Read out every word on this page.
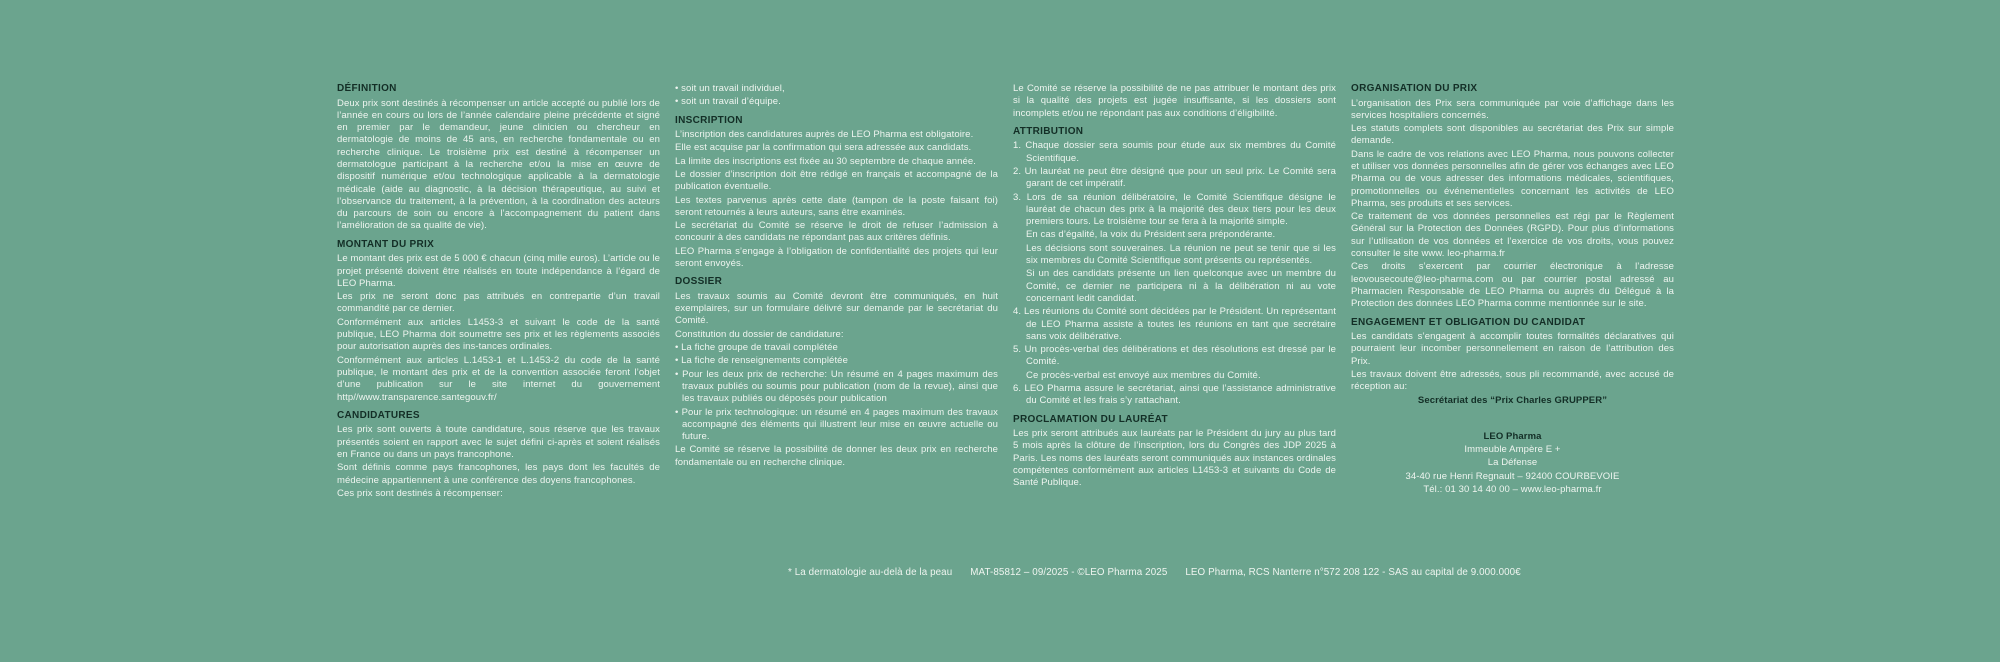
DÉFINITION

Deux prix sont destinés à récompenser un article accepté ou publié lors de l’année en cours ou lors de l’année calendaire pleine précédente et signé en premier par le demandeur, jeune clinicien ou chercheur en dermatologie de moins de 45 ans, en recherche fondamentale ou en recherche clinique. Le troisième prix est destiné à récompenser un dermatologue participant à la recherche et/ou la mise en œuvre de dispositif numérique et/ou technologique applicable à la dermatologie médicale (aide au diagnostic, à la décision thérapeutique, au suivi et l’observance du traitement, à la prévention, à la coordination des acteurs du parcours de soin ou encore à l’accompagnement du patient dans l’amélioration de sa qualité de vie).

MONTANT DU PRIX

Le montant des prix est de 5 000 € chacun (cinq mille euros). L’article ou le projet présenté doivent être réalisés en toute indépendance à l’égard de LEO Pharma.

Les prix ne seront donc pas attribués en contrepartie d’un travail commandité par ce dernier.

Conformément aux articles L1453-3 et suivant le code de la santé publique, LEO Pharma doit soumettre ses prix et les règlements associés pour autorisation auprès des ins-tances ordinales.

Conformément aux articles L.1453-1 et L.1453-2 du code de la santé publique, le montant des prix et de la convention associée feront l’objet d’une publication sur le site internet du gouvernement http//www.transparence.santegouv.fr/

CANDIDATURES

Les prix sont ouverts à toute candidature, sous réserve que les travaux présentés soient en rapport avec le sujet défini ci-après et soient réalisés en France ou dans un pays francophone.

Sont définis comme pays francophones, les pays dont les facultés de médecine appartiennent à une conférence des doyens francophones.

Ces prix sont destinés à récompenser:

• soit un travail individuel,

• soit un travail d’équipe.

INSCRIPTION

L’inscription des candidatures auprès de LEO Pharma est obligatoire.

Elle est acquise par la confirmation qui sera adressée aux candidats.

La limite des inscriptions est fixée au 30 septembre de chaque année.

Le dossier d’inscription doit être rédigé en français et accompagné de la publication éventuelle.

Les textes parvenus après cette date (tampon de la poste faisant foi) seront retournés à leurs auteurs, sans être examinés.

Le secrétariat du Comité se réserve le droit de refuser l’admission à concourir à des candidats ne répondant pas aux critères définis.

LEO Pharma s’engage à l’obligation de confidentialité des projets qui leur seront envoyés.

DOSSIER

Les travaux soumis au Comité devront être communiqués, en huit exemplaires, sur un formulaire délivré sur demande par le secrétariat du Comité.

Constitution du dossier de candidature:

• La fiche groupe de travail complétée

• La fiche de renseignements complétée

• Pour les deux prix de recherche: Un résumé en 4 pages maximum des travaux publiés ou soumis pour publication (nom de la revue), ainsi que les travaux publiés ou déposés pour publication

• Pour le prix technologique: un résumé en 4 pages maximum des travaux accompagné des éléments qui illustrent leur mise en œuvre actuelle ou future.

Le Comité se réserve la possibilité de donner les deux prix en recherche fondamentale ou en recherche clinique.

Le Comité se réserve la possibilité de ne pas attribuer le montant des prix si la qualité des projets est jugée insuffisante, si les dossiers sont incomplets et/ou ne répondant pas aux conditions d’éligibilité.

ATTRIBUTION

1. Chaque dossier sera soumis pour étude aux six membres du Comité Scientifique.

2. Un lauréat ne peut être désigné que pour un seul prix. Le Comité sera garant de cet impératif.

3. Lors de sa réunion délibératoire, le Comité Scientifique désigne le lauréat de chacun des prix à la majorité des deux tiers pour les deux premiers tours. Le troisième tour se fera à la majorité simple.

En cas d’égalité, la voix du Président sera prépondérante.

Les décisions sont souveraines. La réunion ne peut se tenir que si les six membres du Comité Scientifique sont présents ou représentés.

Si un des candidats présente un lien quelconque avec un membre du Comité, ce dernier ne participera ni à la délibération ni au vote concernant ledit candidat.

4. Les réunions du Comité sont décidées par le Président. Un représentant de LEO Pharma assiste à toutes les réunions en tant que secrétaire sans voix délibérative.

5. Un procès-verbal des délibérations et des résolutions est dressé par le Comité.

Ce procès-verbal est envoyé aux membres du Comité.

6. LEO Pharma assure le secrétariat, ainsi que l’assistance administrative du Comité et les frais s’y rattachant.

PROCLAMATION DU LAURÉAT

Les prix seront attribués aux lauréats par le Président du jury au plus tard 5 mois après la clôture de l’inscription, lors du Congrès des JDP 2025 à Paris. Les noms des lauréats seront communiqués aux instances ordinales compétentes conformément aux articles L1453-3 et suivants du Code de Santé Publique.

ORGANISATION DU PRIX

L’organisation des Prix sera communiquée par voie d’affichage dans les services hospitaliers concernés.

Les statuts complets sont disponibles au secrétariat des Prix sur simple demande.

Dans le cadre de vos relations avec LEO Pharma, nous pouvons collecter et utiliser vos données personnelles afin de gérer vos échanges avec LEO Pharma ou de vous adresser des informations médicales, scientifiques, promotionnelles ou événementielles concernant les activités de LEO Pharma, ses produits et ses services.

Ce traitement de vos données personnelles est régi par le Règlement Général sur la Protection des Données (RGPD). Pour plus d’informations sur l’utilisation de vos données et l’exercice de vos droits, vous pouvez consulter le site www. leo-pharma.fr

Ces droits s’exercent par courrier électronique à l’adresse leovousecoute@leo-pharma.com ou par courrier postal adressé au Pharmacien Responsable de LEO Pharma ou auprès du Délégué à la Protection des données LEO Pharma comme mentionnée sur le site.

ENGAGEMENT ET OBLIGATION DU CANDIDAT

Les candidats s’engagent à accomplir toutes formalités déclaratives qui pourraient leur incomber personnellement en raison de l’attribution des Prix.

Les travaux doivent être adressés, sous pli recommandé, avec accusé de réception au:

Secrétariat des “Prix Charles GRUPPER”

LEO Pharma

Immeuble Ampère E +

La Défense

34-40 rue Henri Regnault – 92400 COURBEVOIE

Tél.: 01 30 14 40 00 – www.leo-pharma.fr

* La dermatologie au-delà de la peau MAT-85812 – 09/2025 - ©LEO Pharma 2025 LEO Pharma, RCS Nanterre n°572 208 122 - SAS au capital de 9.000.000€
